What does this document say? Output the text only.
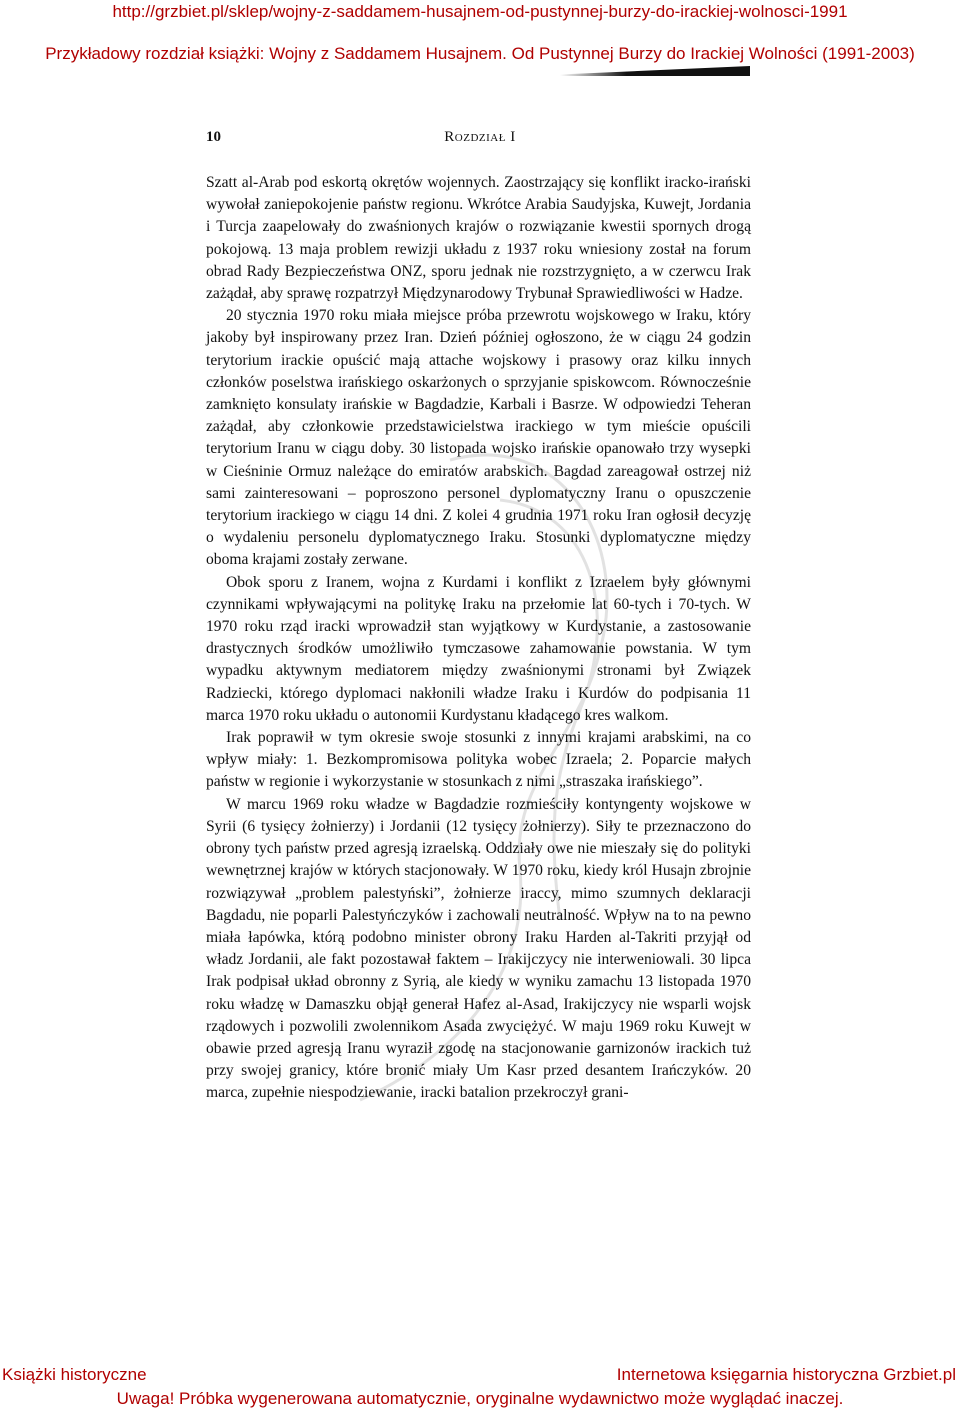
http://grzbiet.pl/sklep/wojny-z-saddamem-husajnem-od-pustynnej-burzy-do-irackiej-wolnosci-1991
Przykładowy rozdział książki: Wojny z Saddamem Husajnem. Od Pustynnej Burzy do Irackiej Wolności (1991-2003)
10	Rozdział I

Szatt al-Arab pod eskortą okrętów wojennych. Zaostrzający się konflikt iracko-irański wywołał zaniepokojenie państw regionu. Wkrótce Arabia Saudyjska, Kuwejt, Jordania i Turcja zaapelowały do zwaśnionych krajów o rozwiązanie kwestii spornych drogą pokojową. 13 maja problem rewizji układu z 1937 roku wniesiony został na forum obrad Rady Bezpieczeństwa ONZ, sporu jednak nie rozstrzygnięto, a w czerwcu Irak zażądał, aby sprawę rozpatrzył Międzynarodowy Trybunał Sprawiedliwości w Hadze.

20 stycznia 1970 roku miała miejsce próba przewrotu wojskowego w Iraku, który jakoby był inspirowany przez Iran. Dzień później ogłoszono, że w ciągu 24 godzin terytorium irackie opuścić mają attache wojskowy i prasowy oraz kilku innych członków poselstwa irańskiego oskarżonych o sprzyjanie spiskowcom. Równocześnie zamknięto konsulaty irańskie w Bagdadzie, Karbali i Basrze. W odpowiedzi Teheran zażądał, aby członkowie przedstawicielstwa irackiego w tym mieście opuścili terytorium Iranu w ciągu doby. 30 listopada wojsko irańskie opanowało trzy wysepki w Cieśninie Ormuz należące do emiratów arabskich. Bagdad zareagował ostrzej niż sami zainteresowani – poproszono personel dyplomatyczny Iranu o opuszczenie terytorium irackiego w ciągu 14 dni. Z kolei 4 grudnia 1971 roku Iran ogłosił decyzję o wydaleniu personelu dyplomatycznego Iraku. Stosunki dyplomatyczne między oboma krajami zostały zerwane.

Obok sporu z Iranem, wojna z Kurdami i konflikt z Izraelem były głównymi czynnikami wpływającymi na politykę Iraku na przełomie lat 60-tych i 70-tych. W 1970 roku rząd iracki wprowadził stan wyjątkowy w Kurdystanie, a zastosowanie drastycznych środków umożliwiło tymczasowe zahamowanie powstania. W tym wypadku aktywnym mediatorem między zwaśnionymi stronami był Związek Radziecki, którego dyplomaci nakłonili władze Iraku i Kurdów do podpisania 11 marca 1970 roku układu o autonomii Kurdystanu kładącego kres walkom.

Irak poprawił w tym okresie swoje stosunki z innymi krajami arabskimi, na co wpływ miały: 1. Bezkompromisowa polityka wobec Izraela; 2. Poparcie małych państw w regionie i wykorzystanie w stosunkach z nimi „straszaka irańskiego”.

W marcu 1969 roku władze w Bagdadzie rozmieściły kontyngenty wojskowe w Syrii (6 tysięcy żołnierzy) i Jordanii (12 tysięcy żołnierzy). Siły te przeznaczono do obrony tych państw przed agresją izraelską. Oddziały owe nie mieszały się do polityki wewnętrznej krajów w których stacjonowały. W 1970 roku, kiedy król Husajn zbrojnie rozwiązywał „problem palestyński”, żołnierze iraccy, mimo szumnych deklaracji Bagdadu, nie poparli Palestyńczyków i zachowali neutralność. Wpływ na to na pewno miała łapówka, którą podobno minister obrony Iraku Harden al-Takriti przyjął od władz Jordanii, ale fakt pozostawał faktem – Irakijczycy nie interweniowali. 30 lipca Irak podpisał układ obronny z Syrią, ale kiedy w wyniku zamachu 13 listopada 1970 roku władzę w Damaszku objął generał Hafez al-Asad, Irakijczycy nie wsparli wojsk rządowych i pozwolili zwolennikom Asada zwyciężyć. W maju 1969 roku Kuwejt w obawie przed agresją Iranu wyraził zgodę na stacjonowanie garnizonów irackich tuż przy swojej granicy, które bronić miały Um Kasr przed desantem Irańczyków. 20 marca, zupełnie niespodziewanie, iracki batalion przekroczył grani-

Książki historyczne	Internetowa księgarnia historyczna Grzbiet.pl
Uwaga! Próbka wygenerowana automatycznie, oryginalne wydawnictwo może wyglądać inaczej.
